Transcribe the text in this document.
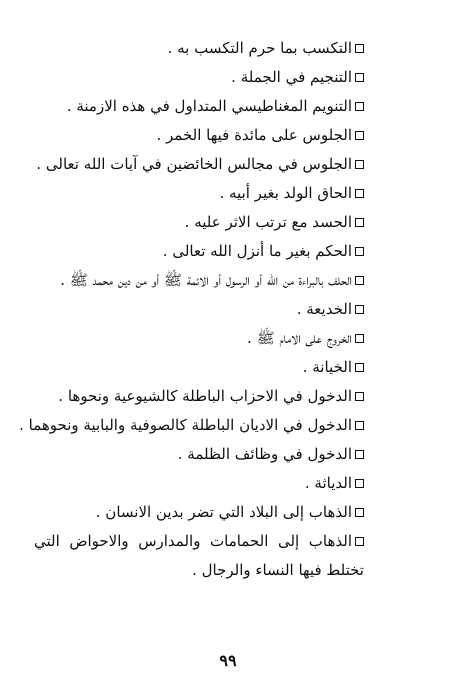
التكسب بما حرم التكسب به .
التنجيم في الجملة .
التنويم المغناطيسي المتداول في هذه الازمنة .
الجلوس على مائدة فيها الخمر .
الجلوس في مجالس الخائضين في آيات الله تعالى .
الحاق الولد بغير أبيه .
الحسد مع ترتب الاثر عليه .
الحكم بغير ما أنزل الله تعالى .
الحلف بالبراءة من الله أو الرسول أو الائمة ﷺ أو من دين محمد ﷺ .
الخديعة .
الخروج على الامام ﷺ .
الخيانة .
الدخول في الاحزاب الباطلة كالشيوعية ونحوها .
الدخول في الاديان الباطلة كالصوفية والبابية ونحوهما .
الدخول في وظائف الظلمة .
الدياثة .
الذهاب إلى البلاد التي تضر بدين الانسان .
الذهاب إلى الحمامات والمدارس والاحواض التي تختلط فيها النساء والرجال .
٩٩
